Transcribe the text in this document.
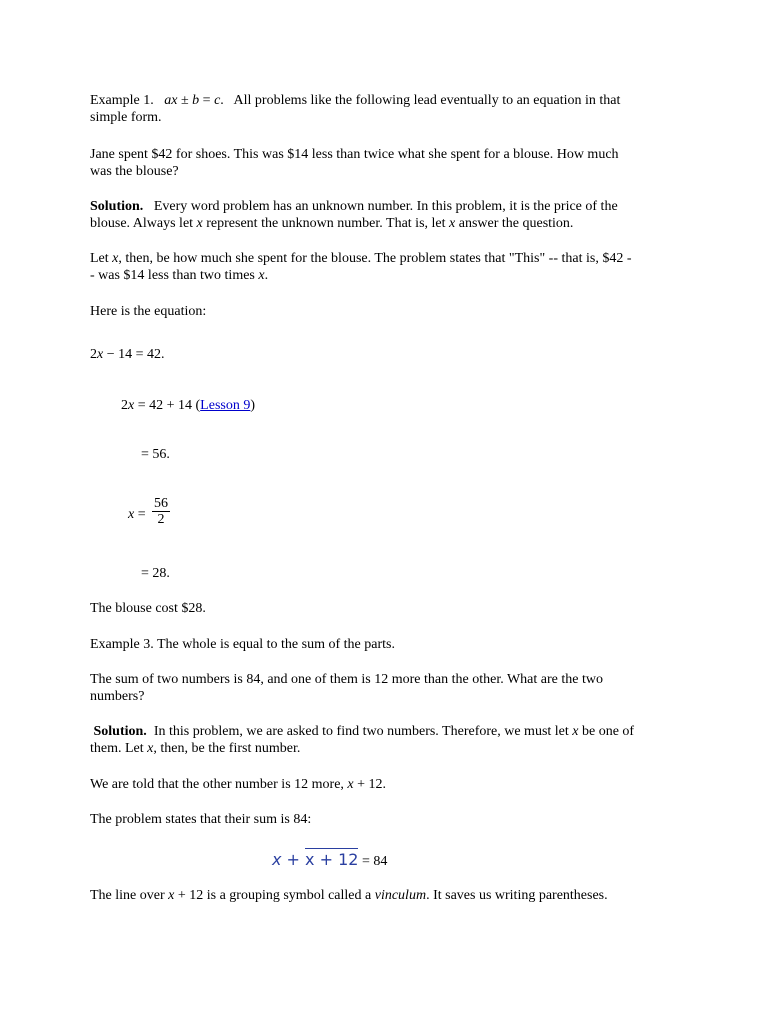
Example 1. ax ± b = c. All problems like the following lead eventually to an equation in that
simple form.

Jane spent $42 for shoes. This was $14 less than twice what she spent for a blouse. How much
was the blouse?

Solution. Every word problem has an unknown number. In this problem, it is the price of the
blouse. Always let x represent the unknown number. That is, let x answer the question.

Let x, then, be how much she spent for the blouse. The problem states that "This" -- that is, $42 -
- was $14 less than two times x.

Here is the equation:

2x − 14 = 42.
2x = 42 + 14 (Lesson 9)
= 56.
$x = \frac{56}{2}$
= 28.

The blouse cost $28.

Example 3. The whole is equal to the sum of the parts.

The sum of two numbers is 84, and one of them is 12 more than the other. What are the two
numbers?

Solution. In this problem, we are asked to find two numbers. Therefore, we must let x be one of
them. Let x, then, be the first number.

We are told that the other number is 12 more, x + 12.

The problem states that their sum is 84:

x + x + 12 = 84

The line over x + 12 is a grouping symbol called a vinculum. It saves us writing parentheses.
